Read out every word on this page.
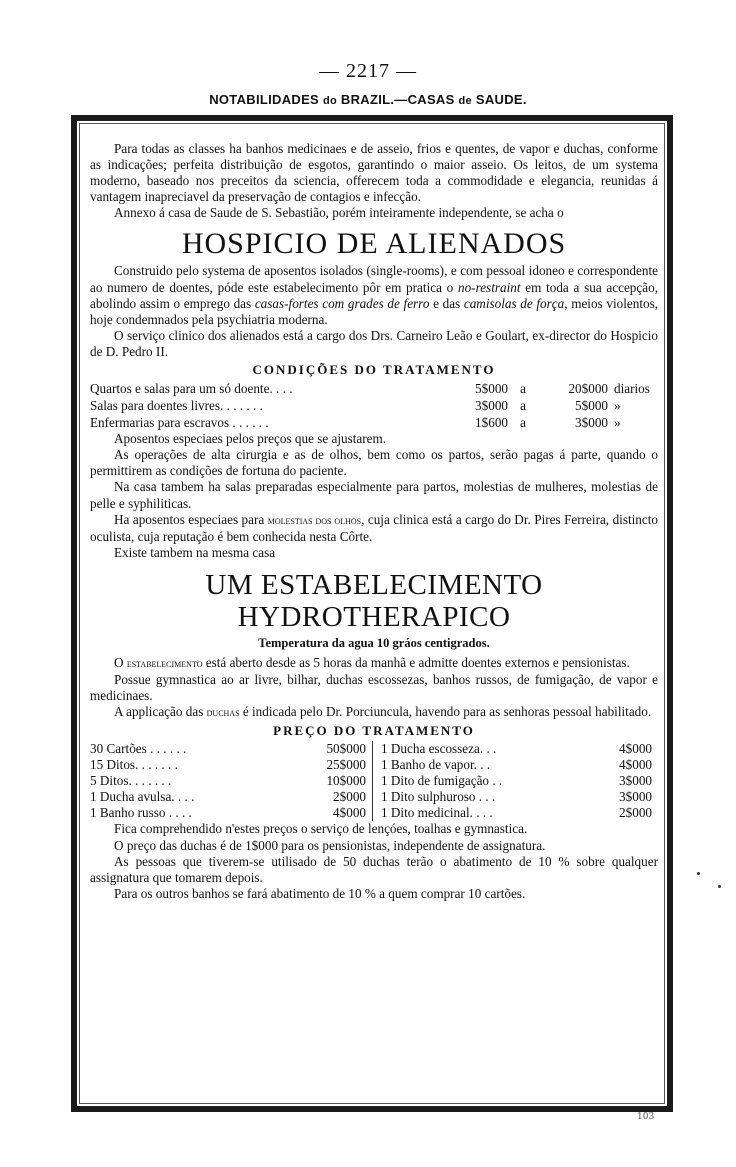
— 2217 —
NOTABILIDADES do BRAZIL.—CASAS de SAUDE.

Para todas as classes ha banhos medicinaes e de asseio, frios e quentes, de vapor e duchas, conforme as indicações; perfeita distribuição de esgotos, garantindo o maior asseio. Os leitos, de um systema moderno, baseado nos preceitos da sciencia, offerecem toda a commodidade e elegancia, reunidas á vantagem inapreciavel da preservação de contagios e infecção.

Annexo á casa de Saude de S. Sebastião, porém inteiramente independente, se acha o

HOSPICIO DE ALIENADOS

Construido pelo systema de aposentos isolados (single-rooms), e com pessoal idoneo e correspondente ao numero de doentes, póde este estabelecimento pôr em pratica o no-restraint em toda a sua accepção, abolindo assim o emprego das casas-fortes com grades de ferro e das camisolas de força, meios violentos, hoje condemnados pela psychiatria moderna.

O serviço clinico dos alienados está a cargo dos Drs. Carneiro Leão e Goulart, ex-director do Hospicio de D. Pedro II.

CONDIÇÕES DO TRATAMENTO
Quartos e salas para um só doente. . . .	5$000 a	20$000 diarios
Salas para doentes livres. . . . . . .	3$000 a	5$000 »
Enfermarias para escravos . . . . . .	1$600 a	3$000 »

Aposentos especiaes pelos preços que se ajustarem.

As operações de alta cirurgia e as de olhos, bem como os partos, serão pagas á parte, quando o permittirem as condições de fortuna do paciente.

Na casa tambem ha salas preparadas especialmente para partos, molestias de mulheres, molestias de pelle e syphiliticas.

Ha aposentos especiaes para molestias dos olhos, cuja clinica está a cargo do Dr. Pires Ferreira, distincto oculista, cuja reputação é bem conhecida nesta Côrte.

Existe tambem na mesma casa

UM ESTABELECIMENTO HYDROTHERAPICO
Temperatura da agua 10 gráos centigrados.

O estabelecimento está aberto desde as 5 horas da manhã e admitte doentes externos e pensionistas.

Possue gymnastica ao ar livre, bilhar, duchas escossezas, banhos russos, de fumigação, de vapor e medicinaes.

A applicação das duchas é indicada pelo Dr. Porciuncula, havendo para as senhoras pessoal habilitado.

PREÇO DO TRATAMENTO
30 Cartões . . . . . .	50$000
15 Ditos. . . . . . .	25$000
5 Ditos. . . . . . .	10$000
1 Ducha avulsa. . . .	2$000
1 Banho russo . . . .	4$000
1 Ducha escosseza. . .	4$000
1 Banho de vapor. . .	4$000
1 Dito de fumigação . .	3$000
1 Dito sulphuroso . . .	3$000
1 Dito medicinal. . . .	2$000

Fica comprehendido n'estes preços o serviço de lençóes, toalhas e gymnastica.

O preço das duchas é de 1$000 para os pensionistas, independente de assignatura.

As pessoas que tiverem-se utilisado de 50 duchas terão o abatimento de 10 % sobre qualquer assignatura que tomarem depois.

Para os outros banhos se fará abatimento de 10 % a quem comprar 10 cartões.

103
